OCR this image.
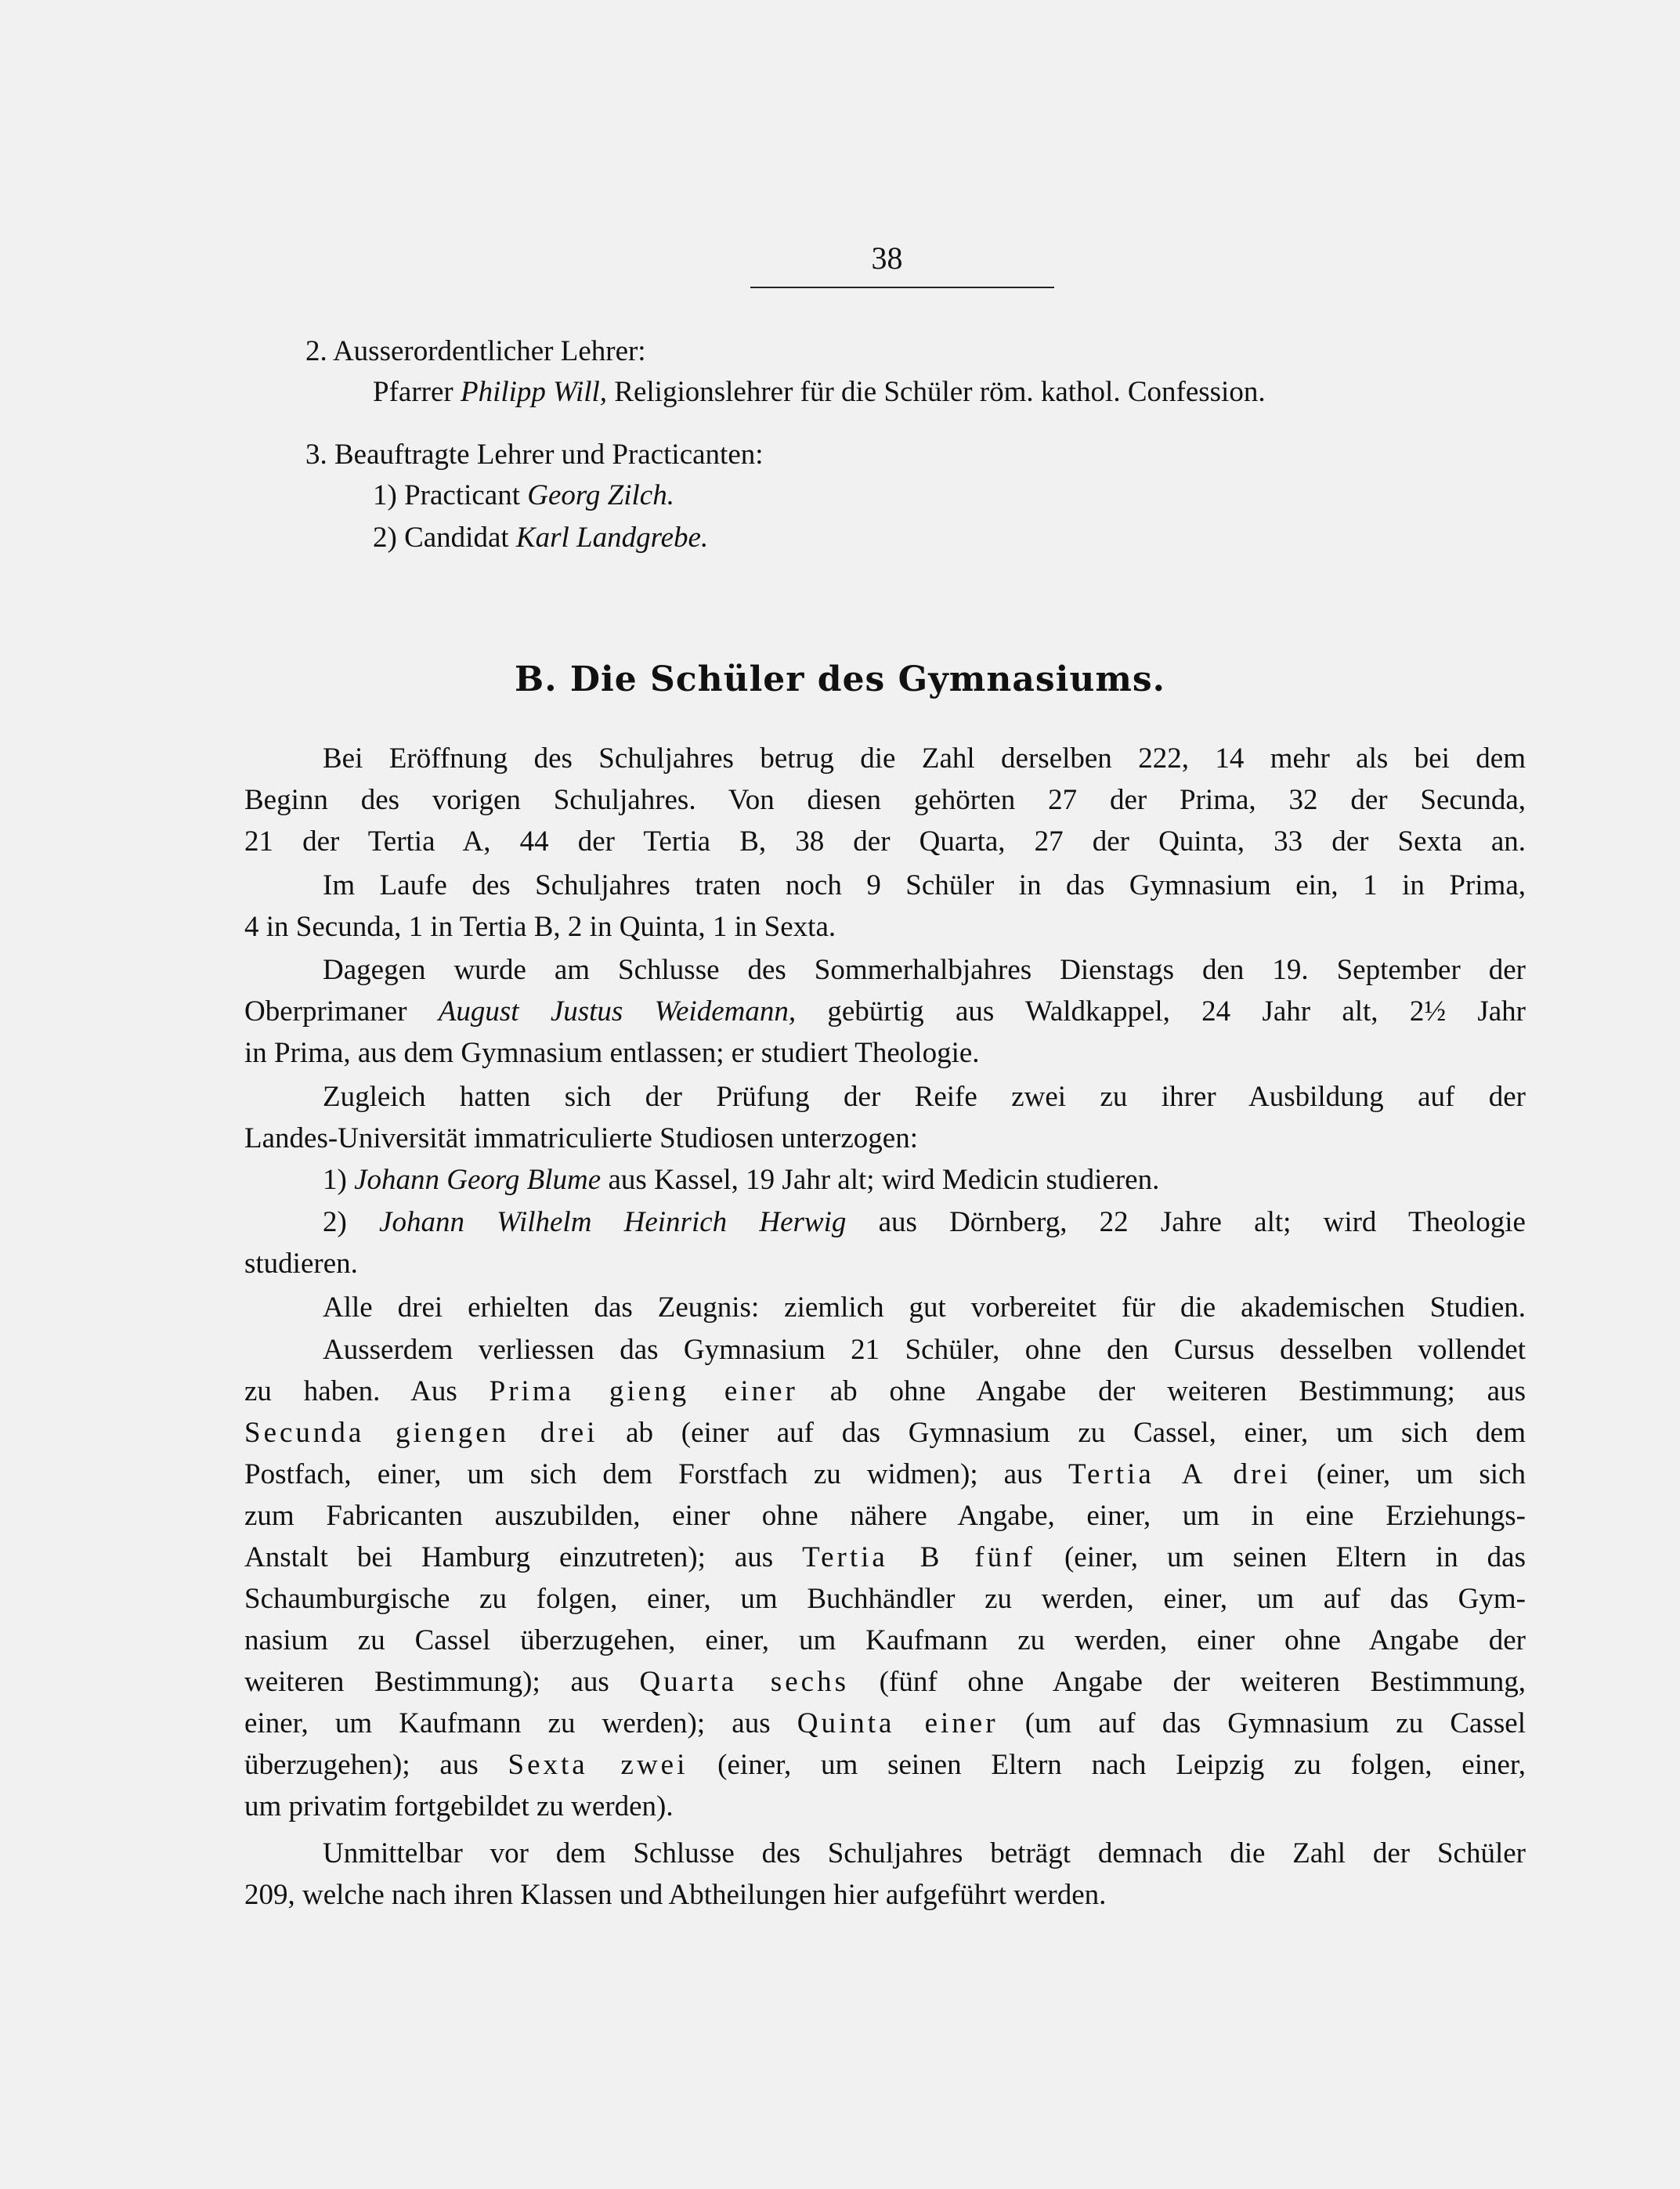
38
2. Ausserordentlicher Lehrer:
Pfarrer Philipp Will, Religionslehrer für die Schüler röm. kathol. Confession.
3. Beauftragte Lehrer und Practicanten:
1) Practicant Georg Zilch.
2) Candidat Karl Landgrebe.
B. Die Schüler des Gymnasiums.
Bei Eröffnung des Schuljahres betrug die Zahl derselben 222, 14 mehr als bei dem
Beginn des vorigen Schuljahres. Von diesen gehörten 27 der Prima, 32 der Secunda,
21 der Tertia A, 44 der Tertia B, 38 der Quarta, 27 der Quinta, 33 der Sexta an.
Im Laufe des Schuljahres traten noch 9 Schüler in das Gymnasium ein, 1 in Prima,
4 in Secunda, 1 in Tertia B, 2 in Quinta, 1 in Sexta.
Dagegen wurde am Schlusse des Sommerhalbjahres Dienstags den 19. September der
Oberprimaner August Justus Weidemann, gebürtig aus Waldkappel, 24 Jahr alt, 2½ Jahr
in Prima, aus dem Gymnasium entlassen; er studiert Theologie.
Zugleich hatten sich der Prüfung der Reife zwei zu ihrer Ausbildung auf der
Landes-Universität immatriculierte Studiosen unterzogen:
1) Johann Georg Blume aus Kassel, 19 Jahr alt; wird Medicin studieren.
2) Johann Wilhelm Heinrich Herwig aus Dörnberg, 22 Jahre alt; wird Theologie
studieren.
Alle drei erhielten das Zeugnis: ziemlich gut vorbereitet für die akademischen Studien.
Ausserdem verliessen das Gymnasium 21 Schüler, ohne den Cursus desselben vollendet
zu haben. Aus Prima gieng einer ab ohne Angabe der weiteren Bestimmung; aus
Secunda giengen drei ab (einer auf das Gymnasium zu Cassel, einer, um sich dem
Postfach, einer, um sich dem Forstfach zu widmen); aus Tertia A drei (einer, um sich
zum Fabricanten auszubilden, einer ohne nähere Angabe, einer, um in eine Erziehungs-
Anstalt bei Hamburg einzutreten); aus Tertia B fünf (einer, um seinen Eltern in das
Schaumburgische zu folgen, einer, um Buchhändler zu werden, einer, um auf das Gym-
nasium zu Cassel überzugehen, einer, um Kaufmann zu werden, einer ohne Angabe der
weiteren Bestimmung); aus Quarta sechs (fünf ohne Angabe der weiteren Bestimmung,
einer, um Kaufmann zu werden); aus Quinta einer (um auf das Gymnasium zu Cassel
überzugehen); aus Sexta zwei (einer, um seinen Eltern nach Leipzig zu folgen, einer,
um privatim fortgebildet zu werden).
Unmittelbar vor dem Schlusse des Schuljahres beträgt demnach die Zahl der Schüler
209, welche nach ihren Klassen und Abtheilungen hier aufgeführt werden.
